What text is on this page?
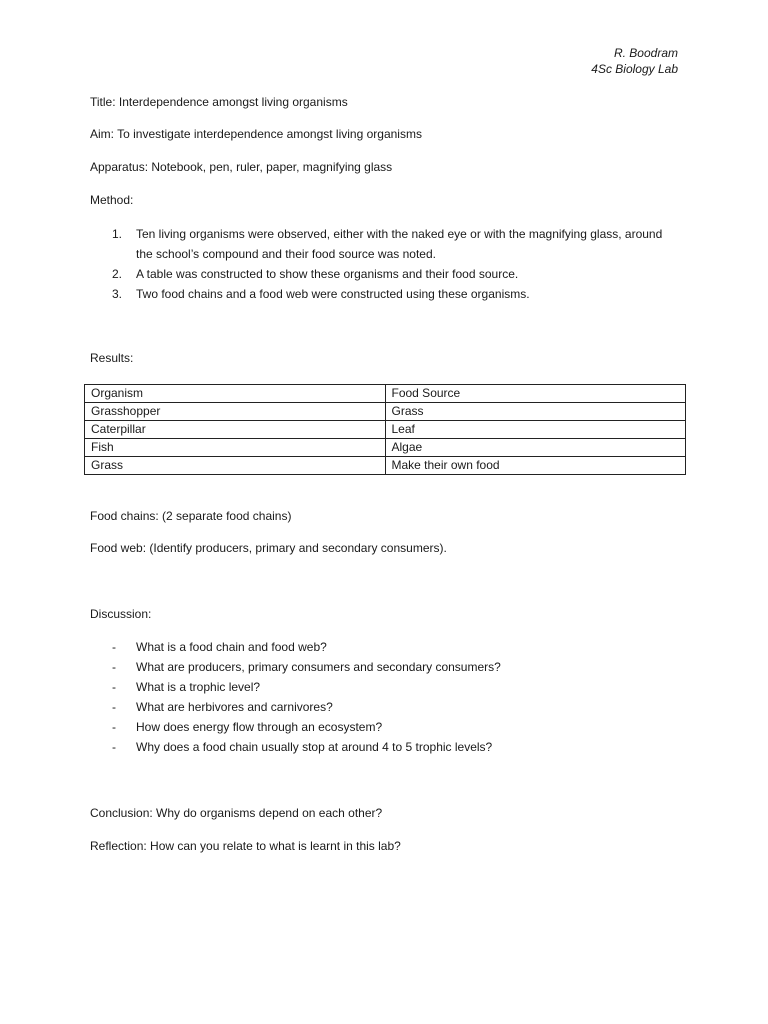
R. Boodram
4Sc Biology Lab
Title: Interdependence amongst living organisms
Aim: To investigate interdependence amongst living organisms
Apparatus: Notebook, pen, ruler, paper, magnifying glass
Method:
1.	Ten living organisms were observed, either with the naked eye or with the magnifying glass, around the school’s compound and their food source was noted.
2.	A table was constructed to show these organisms and their food source.
3.	Two food chains and a food web were constructed using these organisms.
Results:
Organism	Food Source
Grasshopper	Grass
Caterpillar	Leaf
Fish	Algae
Grass	Make their own food
Food chains: (2 separate food chains)
Food web: (Identify producers, primary and secondary consumers).
Discussion:
- What is a food chain and food web?
- What are producers, primary consumers and secondary consumers?
- What is a trophic level?
- What are herbivores and carnivores?
- How does energy flow through an ecosystem?
- Why does a food chain usually stop at around 4 to 5 trophic levels?
Conclusion: Why do organisms depend on each other?
Reflection: How can you relate to what is learnt in this lab?
